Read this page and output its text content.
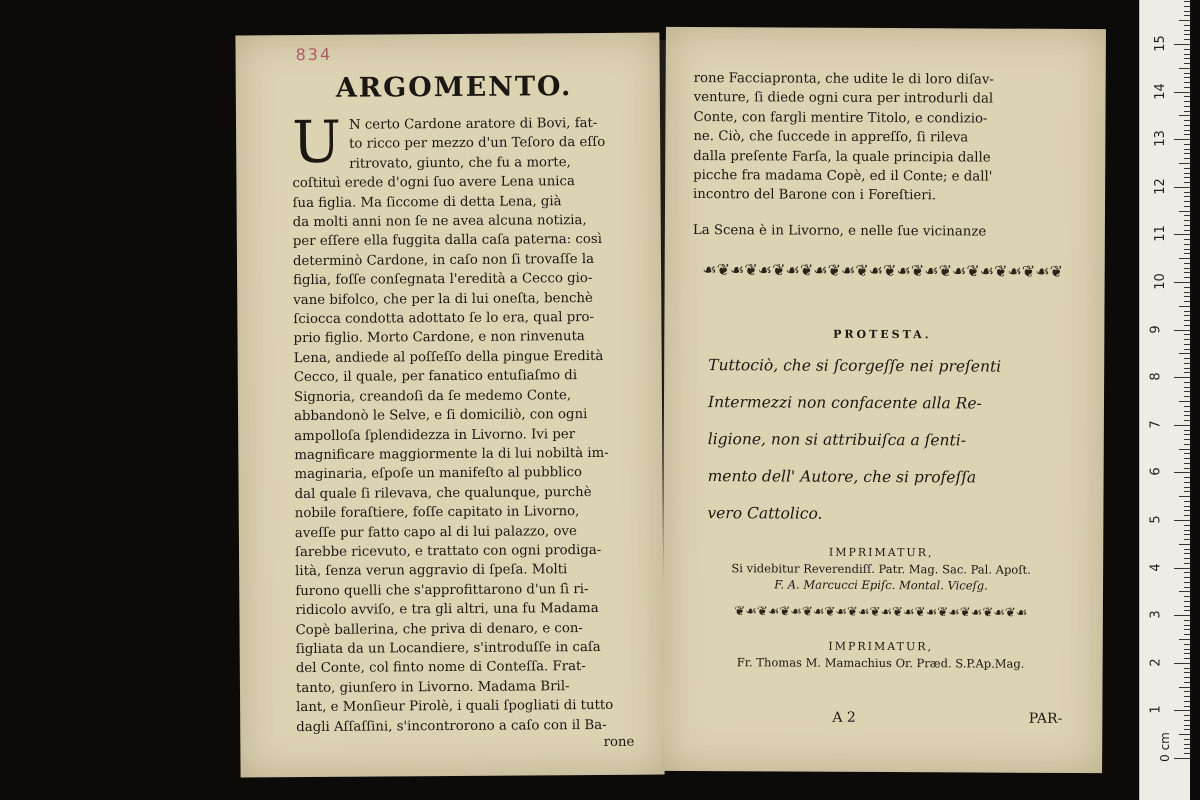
834
ARGOMENTO.
U N certo Cardone aratore di Bovi, fat-

to ricco per mezzo d'un Teſoro da eſſo

ritrovato, giunto, che fu a morte,

coſtituì erede d'ogni ſuo avere Lena unica

ſua figlia. Ma ſiccome di detta Lena, già

da molti anni non ſe ne avea alcuna notizia,

per eſſere ella fuggita dalla caſa paterna: così

determinò Cardone, in caſo non ſi trovaſſe la

figlia, foſſe conſegnata l'eredità a Cecco gio-

vane bifolco, che per la di lui oneſta, benchè

ſciocca condotta adottato ſe lo era, qual pro-

prio figlio. Morto Cardone, e non rinvenuta

Lena, andiede al poſſeſſo della pingue Eredità

Cecco, il quale, per fanatico entuſiaſmo di

Signoria, creandoſi da ſe medemo Conte,

abbandonò le Selve, e ſi domiciliò, con ogni

ampolloſa ſplendidezza in Livorno. Ivi per

magnificare maggiormente la di lui nobiltà im-

maginaria, eſpoſe un manifeſto al pubblico

dal quale ſi rilevava, che qualunque, purchè

nobile foraſtiere, foſſe capitato in Livorno,

aveſſe pur fatto capo al di lui palazzo, ove

ſarebbe ricevuto, e trattato con ogni prodiga-

lità, ſenza verun aggravio di ſpeſa. Molti

furono quelli che s'approfittarono d'un ſì ri-

ridicolo avviſo, e tra gli altri, una fu Madama

Copè ballerina, che priva di denaro, e con-

ſigliata da un Locandiere, s'introduſſe in caſa

del Conte, col finto nome di Conteſſa. Frat-

tanto, giunſero in Livorno. Madama Bril-

lant, e Monſieur Pirolè, i quali ſpogliati di tutto

dagli Aſſaſſini, s'incontrorono a caſo con il Ba-

rone

rone Facciapronta, che udite le di loro diſav-

venture, ſi diede ogni cura per introdurli dal

Conte, con fargli mentire Titolo, e condizio-

ne. Ciò, che ſuccede in appreſſo, ſi rileva

dalla preſente Farſa, la quale principia dalle

picche fra madama Copè, ed il Conte; e dall'

incontro del Barone con i Foreſtieri.

La Scena è in Livorno, e nelle ſue vicinanze

☙❦☙❦☙❦☙❦☙❦☙❦☙❦☙❦☙❦☙❦☙❦☙❦☙❦
PROTESTA.

Tuttociò, che si ſcorgeſſe nei preſenti

Intermezzi non confacente alla Re-

ligione, non si attribuiſca a ſenti-

mento dell' Autore, che si profeſſa

vero Cattolico.

IMPRIMATUR,

Si videbitur Reverendiſſ. Patr. Mag. Sac. Pal. Apoſt.

F. A. Marcucci Epiſc. Montal. Viceſg.

❦☙❦☙❦☙❦☙❦☙❦☙❦☙❦☙❦☙❦☙❦☙❦☙❦☙
IMPRIMATUR,

Fr. Thomas M. Mamachius Or. Præd. S.P.Ap.Mag.

A 2	PAR-
0 cm
1
2
3
4
5
6
7
8
9
10
11
12
13
14
15
